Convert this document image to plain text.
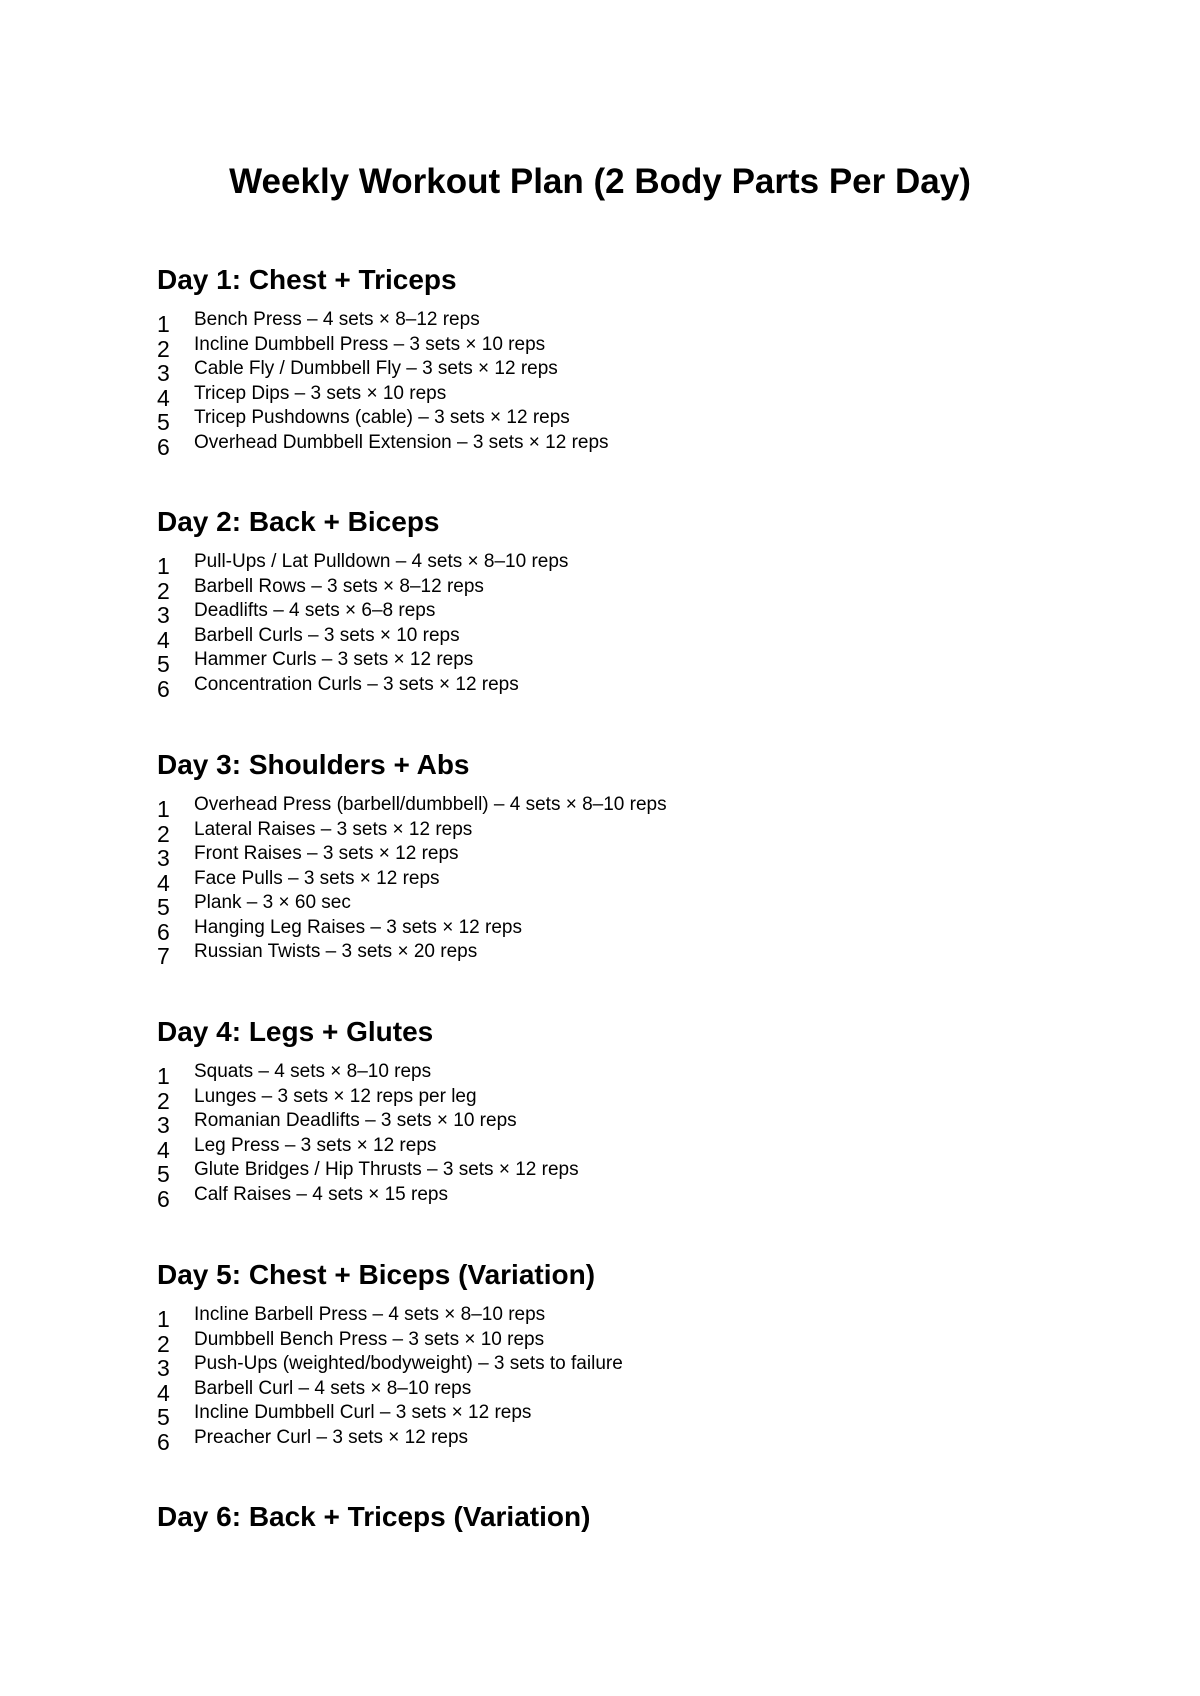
Weekly Workout Plan (2 Body Parts Per Day)
Day 1: Chest + Triceps
1	Bench Press – 4 sets × 8–12 reps
2	Incline Dumbbell Press – 3 sets × 10 reps
3	Cable Fly / Dumbbell Fly – 3 sets × 12 reps
4	Tricep Dips – 3 sets × 10 reps
5	Tricep Pushdowns (cable) – 3 sets × 12 reps
6	Overhead Dumbbell Extension – 3 sets × 12 reps
Day 2: Back + Biceps
1	Pull-Ups / Lat Pulldown – 4 sets × 8–10 reps
2	Barbell Rows – 3 sets × 8–12 reps
3	Deadlifts – 4 sets × 6–8 reps
4	Barbell Curls – 3 sets × 10 reps
5	Hammer Curls – 3 sets × 12 reps
6	Concentration Curls – 3 sets × 12 reps
Day 3: Shoulders + Abs
1	Overhead Press (barbell/dumbbell) – 4 sets × 8–10 reps
2	Lateral Raises – 3 sets × 12 reps
3	Front Raises – 3 sets × 12 reps
4	Face Pulls – 3 sets × 12 reps
5	Plank – 3 × 60 sec
6	Hanging Leg Raises – 3 sets × 12 reps
7	Russian Twists – 3 sets × 20 reps
Day 4: Legs + Glutes
1	Squats – 4 sets × 8–10 reps
2	Lunges – 3 sets × 12 reps per leg
3	Romanian Deadlifts – 3 sets × 10 reps
4	Leg Press – 3 sets × 12 reps
5	Glute Bridges / Hip Thrusts – 3 sets × 12 reps
6	Calf Raises – 4 sets × 15 reps
Day 5: Chest + Biceps (Variation)
1	Incline Barbell Press – 4 sets × 8–10 reps
2	Dumbbell Bench Press – 3 sets × 10 reps
3	Push-Ups (weighted/bodyweight) – 3 sets to failure
4	Barbell Curl – 4 sets × 8–10 reps
5	Incline Dumbbell Curl – 3 sets × 12 reps
6	Preacher Curl – 3 sets × 12 reps
Day 6: Back + Triceps (Variation)
